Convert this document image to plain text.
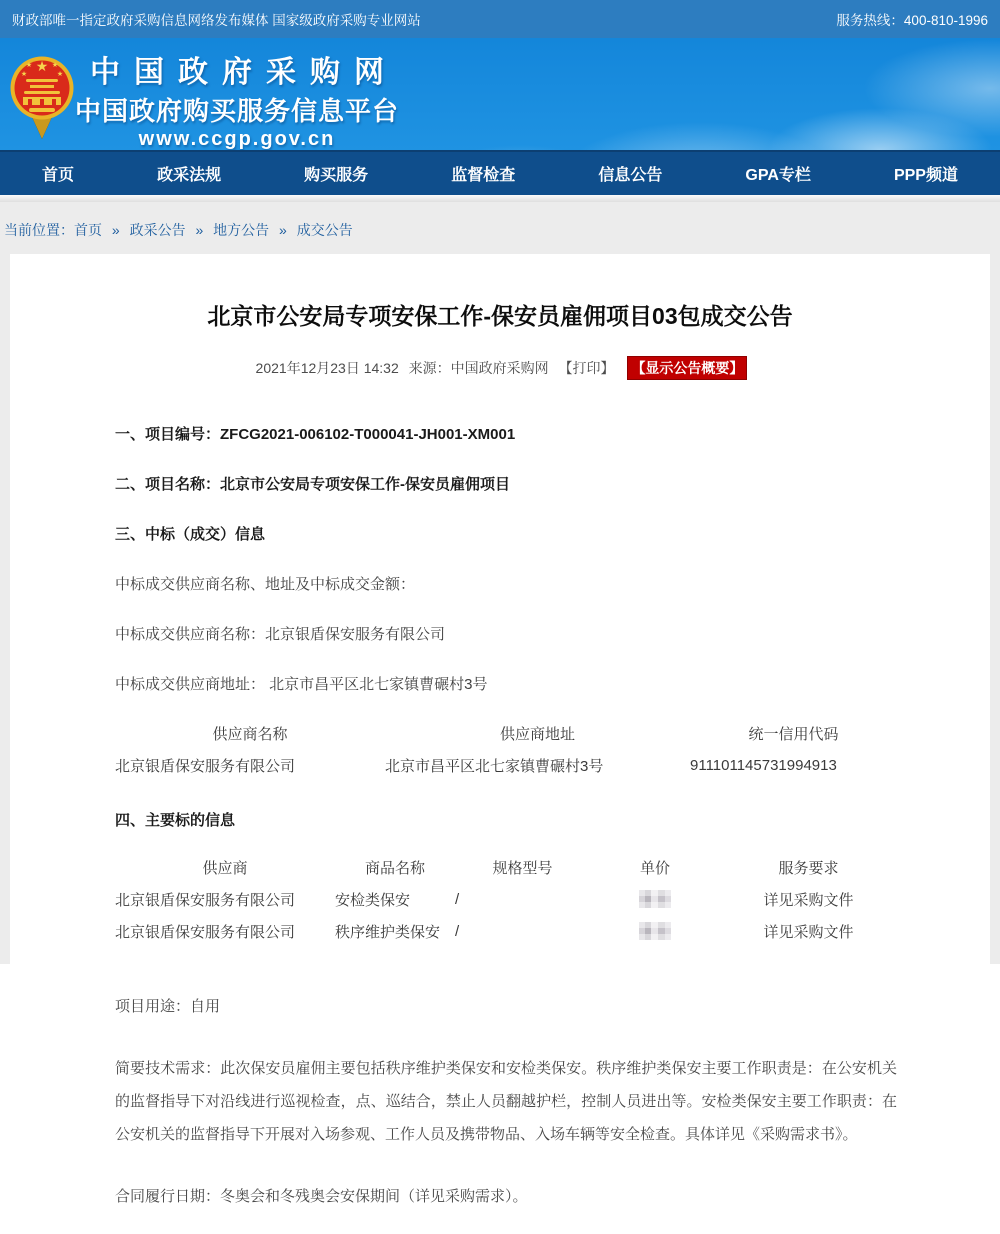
财政部唯一指定政府采购信息网络发布媒体 国家级政府采购专业网站	服务热线：400-810-1996
★
★	★
★	★ 中国政府采购网
中国政府购买服务信息平台
www.ccgp.gov.cn
首页	政采法规	购买服务	监督检查	信息公告	GPA专栏	PPP频道
当前位置：首页 » 政采公告 » 地方公告 » 成交公告
北京市公安局专项安保工作-保安员雇佣项目03包成交公告
2021年12月23日 14:32 来源：中国政府采购网 【打印】 【显示公告概要】
一、项目编号：ZFCG2021-006102-T000041-JH001-XM001
二、项目名称：北京市公安局专项安保工作-保安员雇佣项目
三、中标（成交）信息
中标成交供应商名称、地址及中标成交金额：
中标成交供应商名称：北京银盾保安服务有限公司
中标成交供应商地址： 北京市昌平区北七家镇曹碾村3号
供应商名称	供应商地址	统一信用代码
北京银盾保安服务有限公司	北京市昌平区北七家镇曹碾村3号	911101145731994913
四、主要标的信息
供应商	商品名称	规格型号	单价	服务要求
北京银盾保安服务有限公司	安检类保安	/		详见采购文件
北京银盾保安服务有限公司	秩序维护类保安	/		详见采购文件
项目用途：自用
简要技术需求：此次保安员雇佣主要包括秩序维护类保安和安检类保安。秩序维护类保安主要工作职责是：在公安机关的监督指导下对沿线进行巡视检查，点、巡结合，禁止人员翻越护栏，控制人员进出等。安检类保安主要工作职责：在公安机关的监督指导下开展对入场参观、工作人员及携带物品、入场车辆等安全检查。具体详见《采购需求书》。
合同履行日期：冬奥会和冬残奥会安保期间（详见采购需求）。
